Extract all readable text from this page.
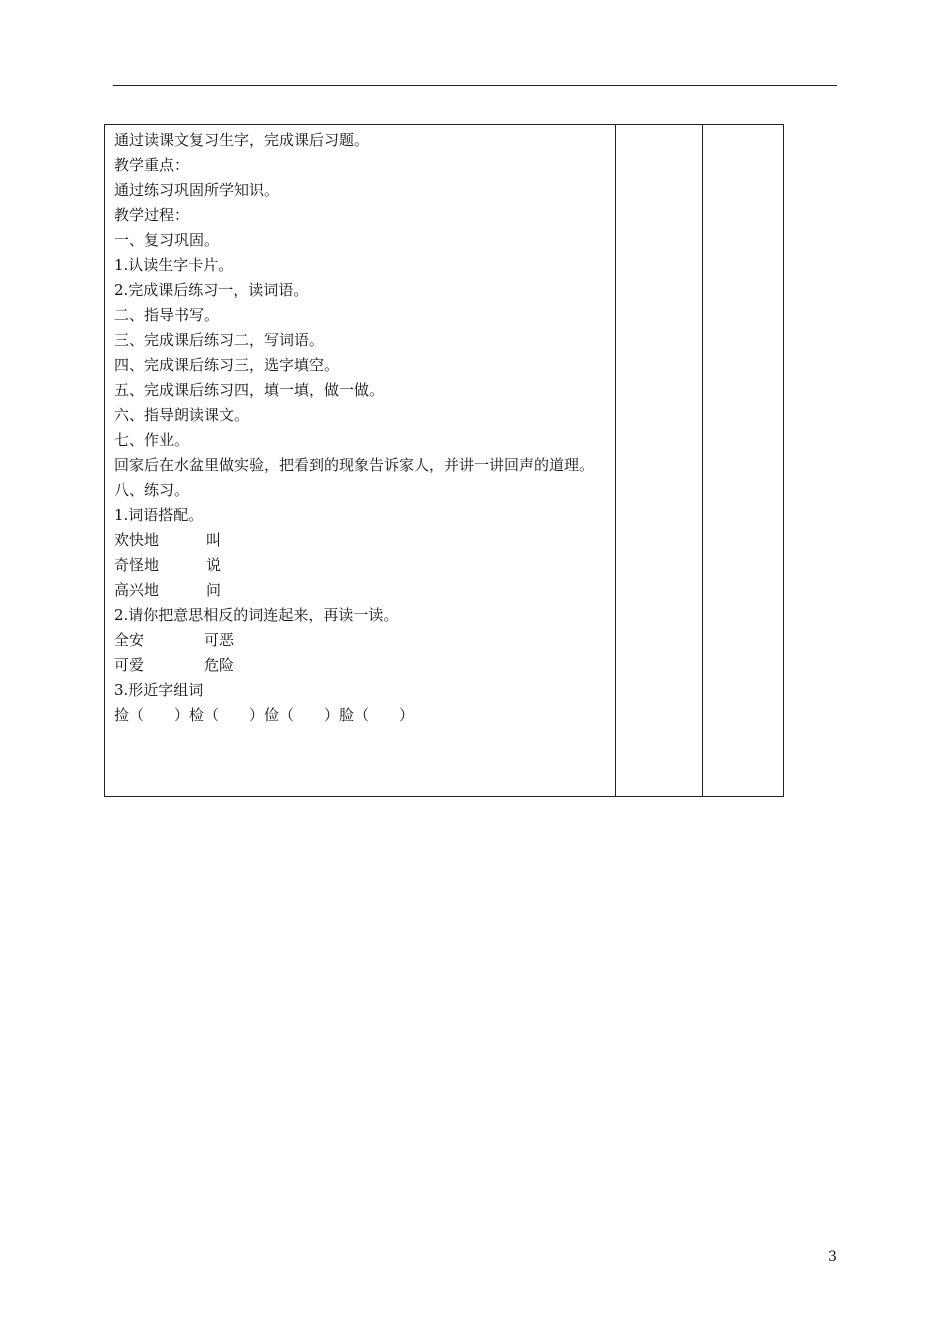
通过读课文复习生字，完成课后习题。
教学重点：
通过练习巩固所学知识。
教学过程：
一、复习巩固。
1.认读生字卡片。
2.完成课后练习一，读词语。
二、指导书写。
三、完成课后练习二，写词语。
四、完成课后练习三，选字填空。
五、完成课后练习四，填一填，做一做。
六、指导朗读课文。
七、作业。
回家后在水盆里做实验，把看到的现象告诉家人，并讲一讲回声的道理。
八、练习。
1.词语搭配。
欢快地	叫
奇怪地	说
高兴地	问
2.请你把意思相反的词连起来，再读一读。
全安	可恶
可爱	危险
3.形近字组词
捡（　　）检（　　）俭（　　）脸（　　）
3
